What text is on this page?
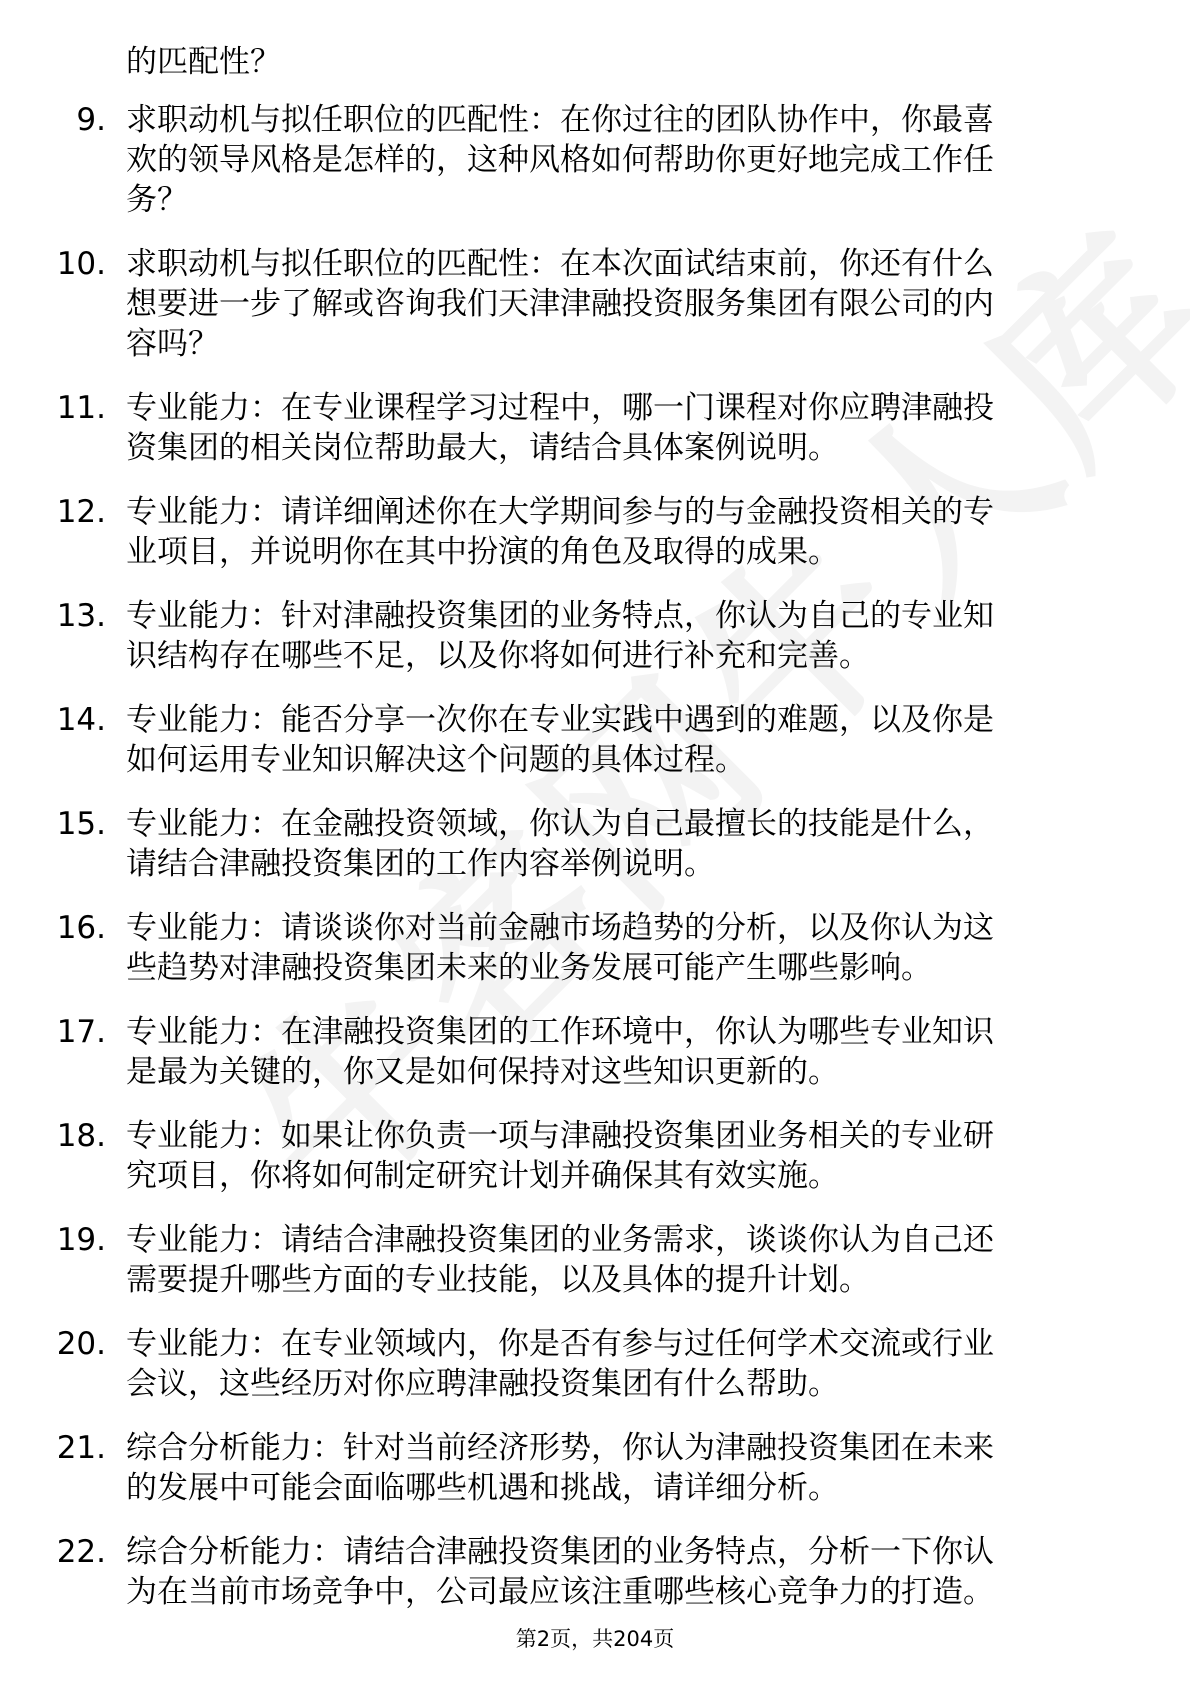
的匹配性？
9. 求职动机与拟任职位的匹配性：在你过往的团队协作中，你最喜
欢的领导风格是怎样的，这种风格如何帮助你更好地完成工作任
务？
10. 求职动机与拟任职位的匹配性：在本次面试结束前，你还有什么
想要进一步了解或咨询我们天津津融投资服务集团有限公司的内
容吗？
11. 专业能力：在专业课程学习过程中，哪一门课程对你应聘津融投
资集团的相关岗位帮助最大，请结合具体案例说明。
12. 专业能力：请详细阐述你在大学期间参与的与金融投资相关的专
业项目，并说明你在其中扮演的角色及取得的成果。
13. 专业能力：针对津融投资集团的业务特点，你认为自己的专业知
识结构存在哪些不足，以及你将如何进行补充和完善。
14. 专业能力：能否分享一次你在专业实践中遇到的难题，以及你是
如何运用专业知识解决这个问题的具体过程。
15. 专业能力：在金融投资领域，你认为自己最擅长的技能是什么，
请结合津融投资集团的工作内容举例说明。
16. 专业能力：请谈谈你对当前金融市场趋势的分析，以及你认为这
些趋势对津融投资集团未来的业务发展可能产生哪些影响。
17. 专业能力：在津融投资集团的工作环境中，你认为哪些专业知识
是最为关键的，你又是如何保持对这些知识更新的。
18. 专业能力：如果让你负责一项与津融投资集团业务相关的专业研
究项目，你将如何制定研究计划并确保其有效实施。
19. 专业能力：请结合津融投资集团的业务需求，谈谈你认为自己还
需要提升哪些方面的专业技能，以及具体的提升计划。
20. 专业能力：在专业领域内，你是否有参与过任何学术交流或行业
会议，这些经历对你应聘津融投资集团有什么帮助。
21. 综合分析能力：针对当前经济形势，你认为津融投资集团在未来
的发展中可能会面临哪些机遇和挑战，请详细分析。
22. 综合分析能力：请结合津融投资集团的业务特点，分析一下你认
为在当前市场竞争中，公司最应该注重哪些核心竞争力的打造。
第2页，共204页
